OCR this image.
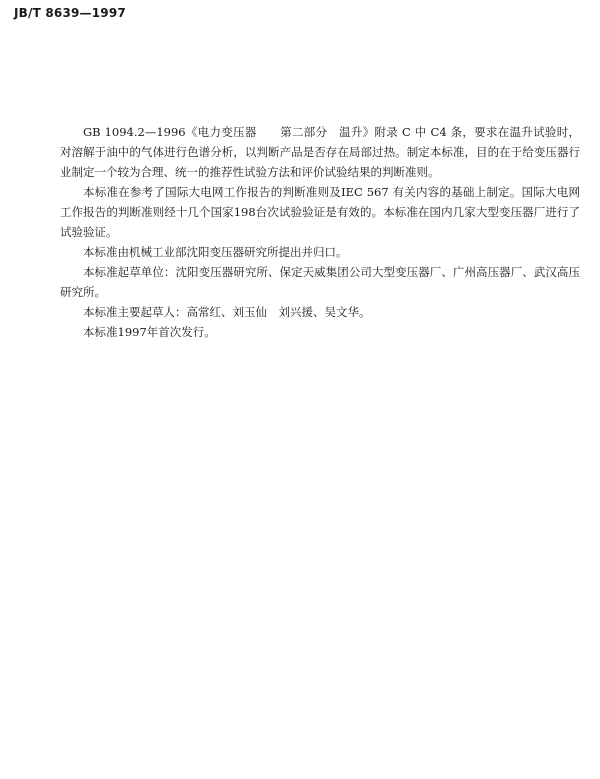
JB/T 8639—1997

GB 1094.2—1996《电力变压器　　第二部分　温升》附录 C 中 C4 条，要求在温升试验时，对溶解于油中的气体进行色谱分析，以判断产品是否存在局部过热。制定本标准，目的在于给变压器行业制定一个较为合理、统一的推荐性试验方法和评价试验结果的判断准则。

本标准在参考了国际大电网工作报告的判断准则及IEC 567 有关内容的基础上制定。国际大电网工作报告的判断准则经十几个国家198台次试验验证是有效的。本标准在国内几家大型变压器厂进行了试验验证。

本标准由机械工业部沈阳变压器研究所提出并归口。

本标准起草单位：沈阳变压器研究所、保定天威集团公司大型变压器厂、广州高压器厂、武汉高压研究所。

本标准主要起草人：高常红、刘玉仙　刘兴援、吴文华。

本标准1997年首次发行。
